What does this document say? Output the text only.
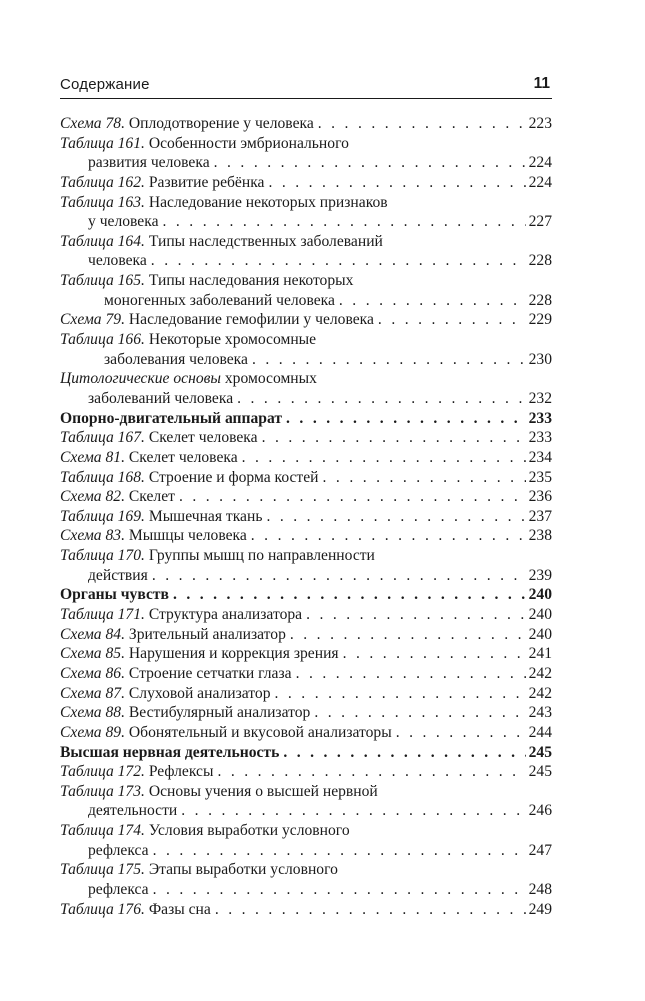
Содержание	11
Схема 78. Оплодотворение у человека . . .	223
Таблица 161. Особенности эмбрионального
развития человека . . .	224
Таблица 162. Развитие ребёнка . . .	224
Таблица 163. Наследование некоторых признаков
у человека . . .	227
Таблица 164. Типы наследственных заболеваний
человека . . .	228
Таблица 165. Типы наследования некоторых
моногенных заболеваний человека . . .	228
Схема 79. Наследование гемофилии у человека . . .	229
Таблица 166. Некоторые хромосомные
заболевания человека . . .	230
Цитологические основы хромосомных
заболеваний человека . . .	232
Опорно-двигательный аппарат . . .	233
Таблица 167. Скелет человека . . .	233
Схема 81. Скелет человека . . .	234
Таблица 168. Строение и форма костей . . .	235
Схема 82. Скелет . . .	236
Таблица 169. Мышечная ткань . . .	237
Схема 83. Мышцы человека . . .	238
Таблица 170. Группы мышц по направленности
действия . . .	239
Органы чувств . . .	240
Таблица 171. Структура анализатора . . .	240
Схема 84. Зрительный анализатор . . .	240
Схема 85. Нарушения и коррекция зрения . . .	241
Схема 86. Строение сетчатки глаза . . .	242
Схема 87. Слуховой анализатор . . .	242
Схема 88. Вестибулярный анализатор . . .	243
Схема 89. Обонятельный и вкусовой анализаторы . . .	244
Высшая нервная деятельность . . .	245
Таблица 172. Рефлексы . . .	245
Таблица 173. Основы учения о высшей нервной
деятельности . . .	246
Таблица 174. Условия выработки условного
рефлекса . . .	247
Таблица 175. Этапы выработки условного
рефлекса . . .	248
Таблица 176. Фазы сна . . .	249
